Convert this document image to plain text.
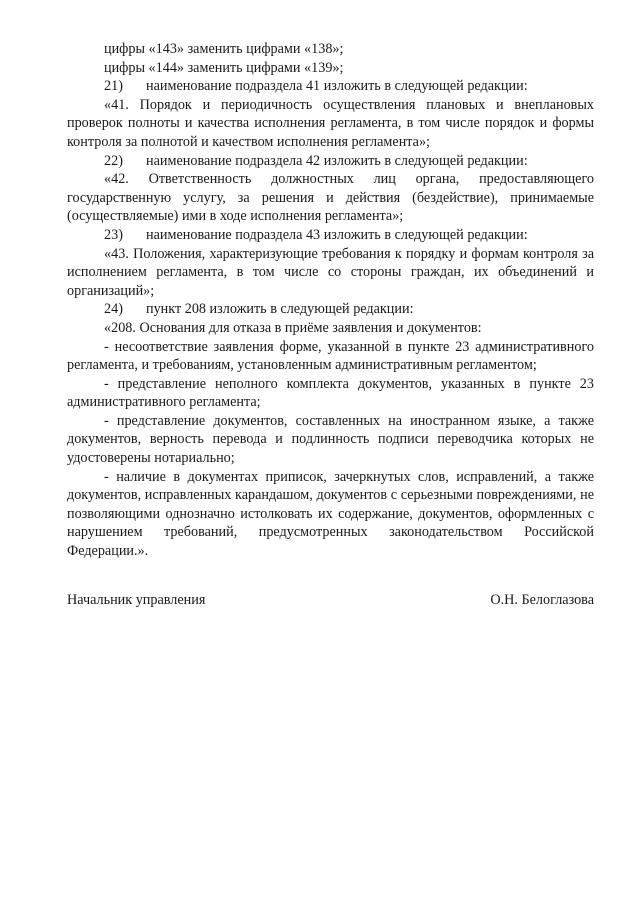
цифры «143» заменить цифрами «138»;

цифры «144» заменить цифрами «139»;

21) наименование подраздела 41 изложить в следующей редакции:

«41. Порядок и периодичность осуществления плановых и внеплановых проверок полноты и качества исполнения регламента, в том числе порядок и формы контроля за полнотой и качеством исполнения регламента»;

22) наименование подраздела 42 изложить в следующей редакции:

«42. Ответственность должностных лиц органа, предоставляющего государственную услугу, за решения и действия (бездействие), принимаемые (осуществляемые) ими в ходе исполнения регламента»;

23) наименование подраздела 43 изложить в следующей редакции:

«43. Положения, характеризующие требования к порядку и формам контроля за исполнением регламента, в том числе со стороны граждан, их объединений и организаций»;

24) пункт 208 изложить в следующей редакции:

«208. Основания для отказа в приёме заявления и документов:

- несоответствие заявления форме, указанной в пункте 23 административного регламента, и требованиям, установленным административным регламентом;

- представление неполного комплекта документов, указанных в пункте 23 административного регламента;

- представление документов, составленных на иностранном языке, а также документов, верность перевода и подлинность подписи переводчика которых не удостоверены нотариально;

- наличие в документах приписок, зачеркнутых слов, исправлений, а также документов, исправленных карандашом, документов с серьезными повреждениями, не позволяющими однозначно истолковать их содержание, документов, оформленных с нарушением требований, предусмотренных законодательством Российской Федерации.».

Начальник управления	О.Н. Белоглазова
